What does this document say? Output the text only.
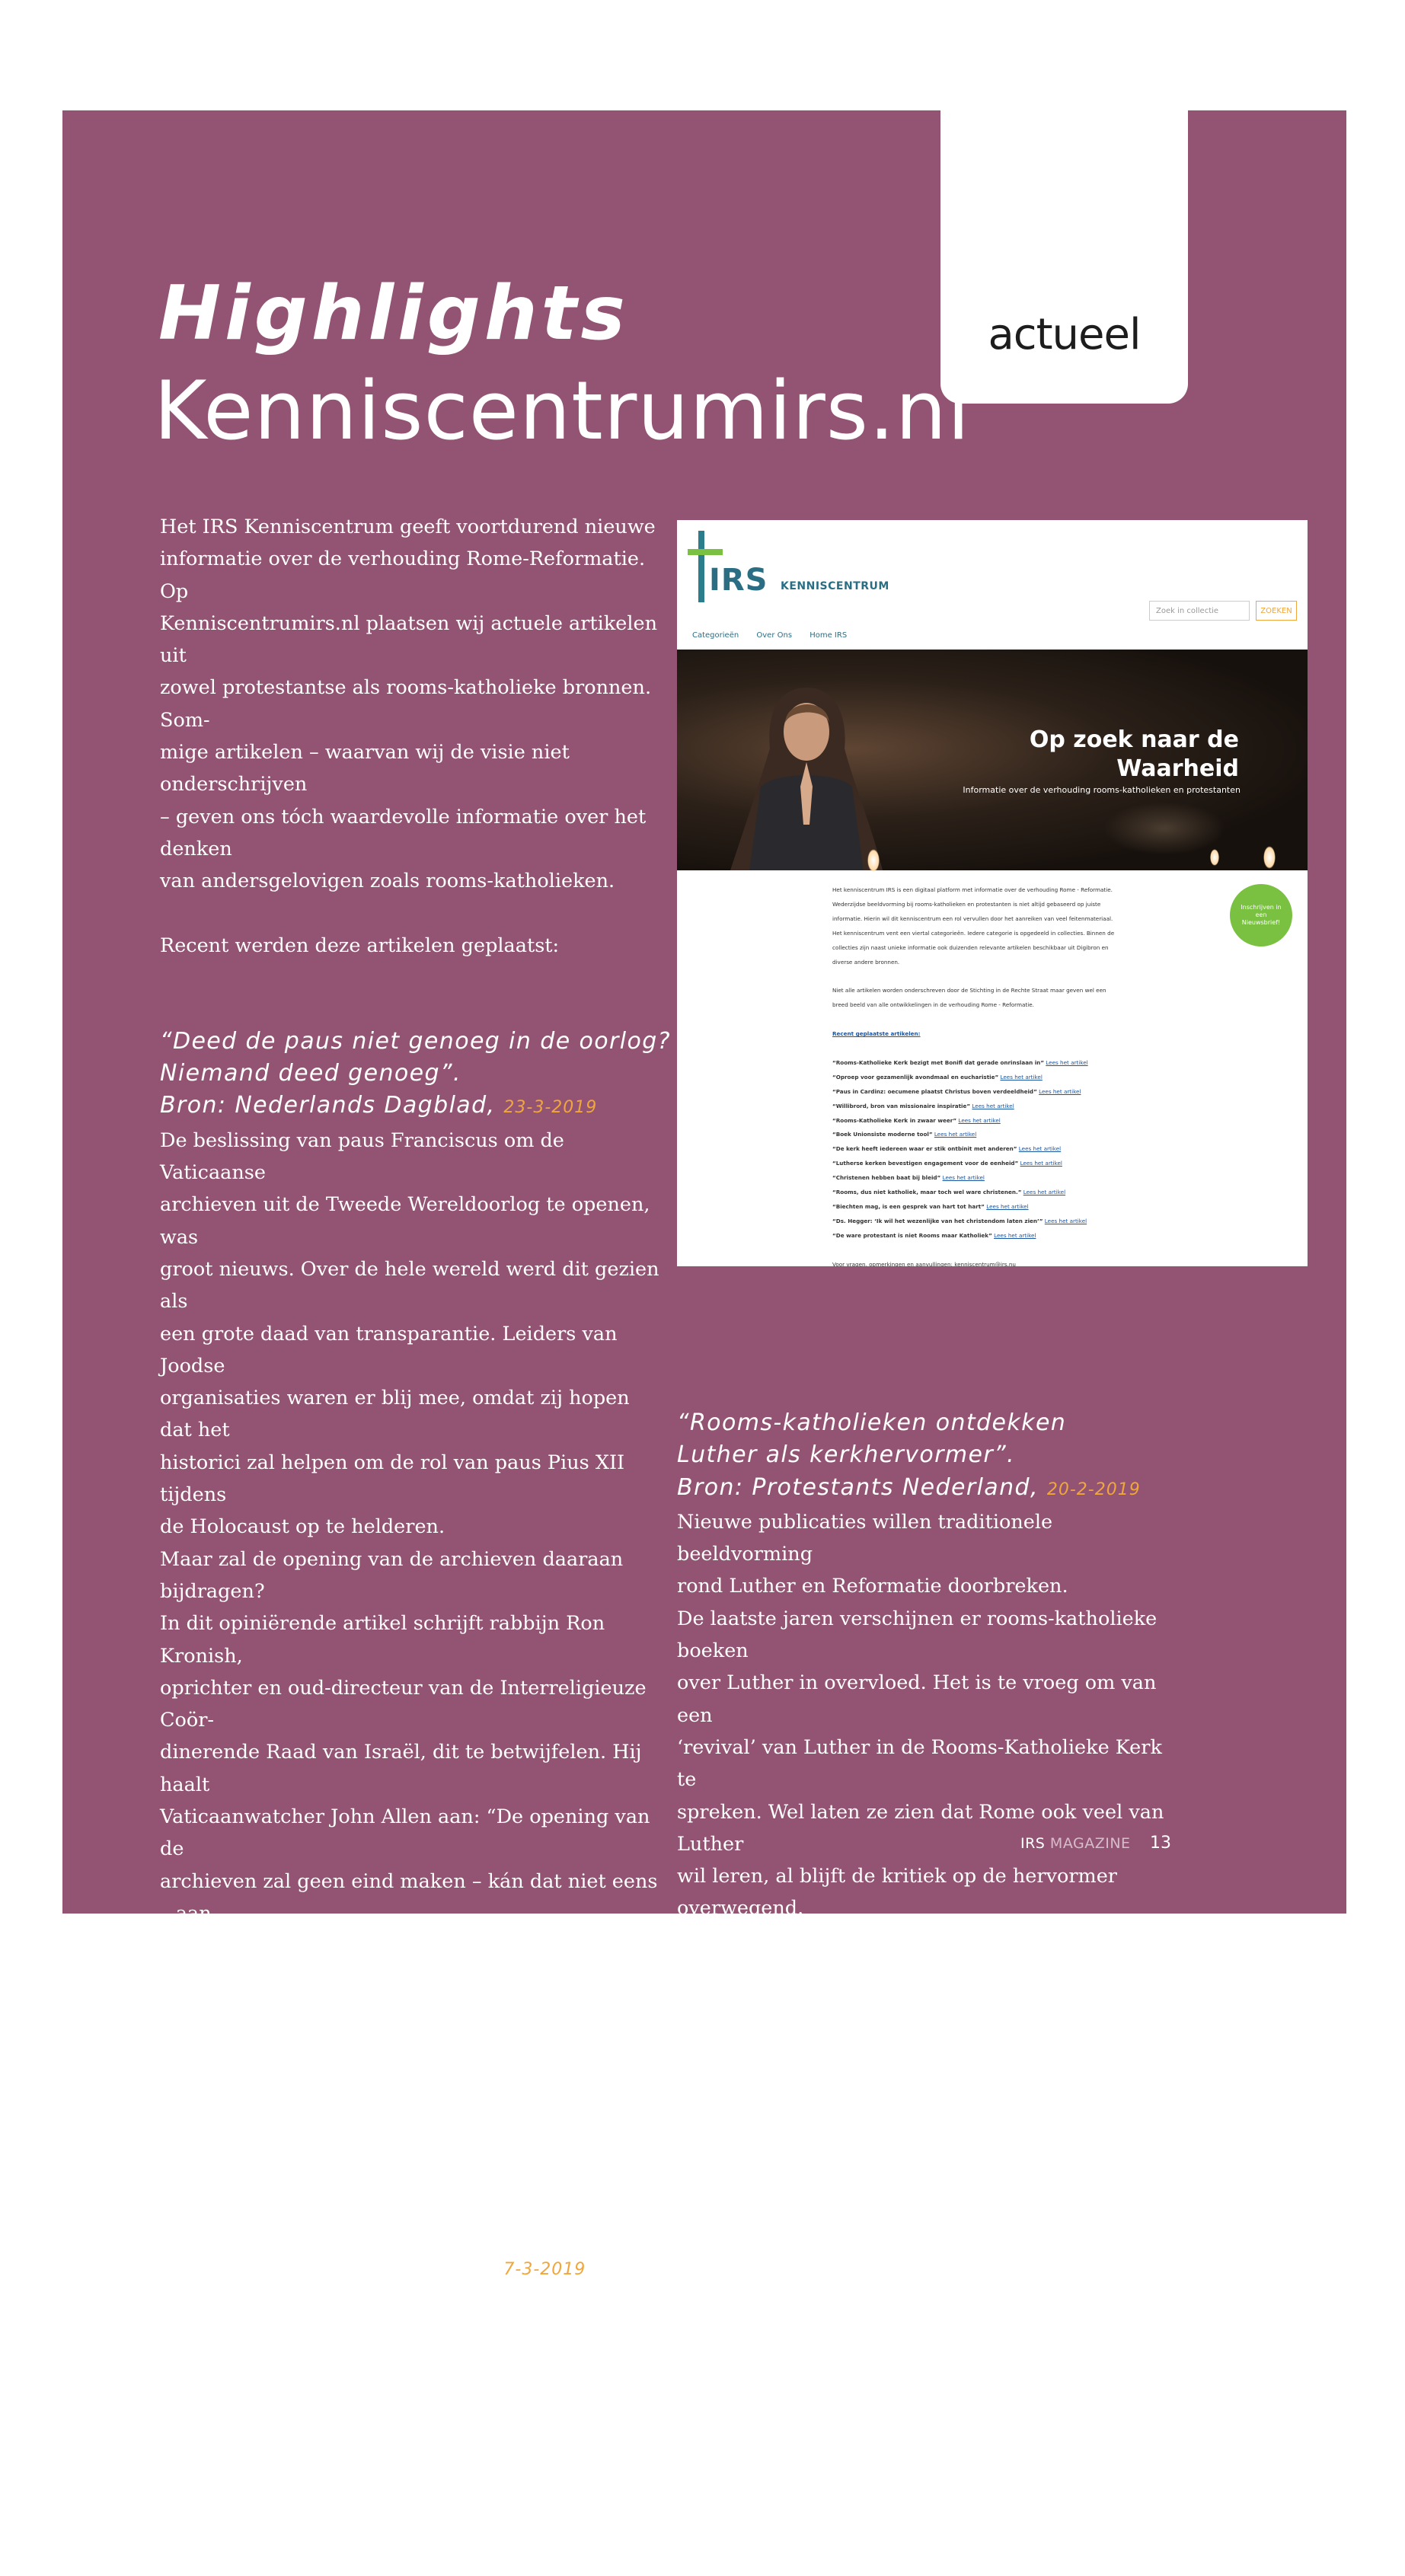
actueel
Highlights
Kenniscentrumirs.nl

Het IRS Kenniscentrum geeft voortdurend nieuwe

informatie over de verhouding Rome-Reformatie. Op

Kenniscentrumirs.nl plaatsen wij actuele artikelen uit

zowel protestantse als rooms-katholieke bronnen. Som-

mige artikelen – waarvan wij de visie niet onderschrijven

– geven ons tóch waardevolle informatie over het denken

van andersgelovigen zoals rooms-katholieken.

Recent werden deze artikelen geplaatst:

“Deed de paus niet genoeg in de oorlog?
Niemand deed genoeg”.
Bron: Nederlands Dagblad, 23-3-2019

De beslissing van paus Franciscus om de Vaticaanse

archieven uit de Tweede Wereldoorlog te openen, was

groot nieuws. Over de hele wereld werd dit gezien als

een grote daad van transparantie. Leiders van Joodse

organisaties waren er blij mee, omdat zij hopen dat het

historici zal helpen om de rol van paus Pius XII tijdens

de Holocaust op te helderen.

Maar zal de opening van de archieven daaraan bijdragen?

In dit opiniërende artikel schrijft rabbijn Ron Kronish,

oprichter en oud-directeur van de Interreligieuze Coör-

dinerende Raad van Israël, dit te betwijfelen. Hij haalt

Vaticaanwatcher John Allen aan: “De opening van de

archieven zal geen eind maken – kán dat niet eens – aan

de controverse over Pius XII en zijn vermeende zwijgen

tijdens de Holocaust. Want dit is een discussie die niet

over feiten gaat, over wat Pius wel of niet heeft gedaan;

het gaat over wat hij had moeten doen.”

“Wereldwijd meer katholieken, maar voor
het eerst sinds 2010 weer minder priesters”.
Bron: Nederlands Dagblad, 7-3-2019

Volgens in het Vaticaan gepubliceerde cijfers over het jaar

2017 is het aantal gedoopte katholieken wereldwijd met

1,1 procent gestegen tot 1,3 miljard. Het aantal priesters

en seminaristen daarentegen daalde voor het eerst sinds

tien jaar.

IRS KENNISCENTRUM
Zoek in collectie	ZOEKEN
Categorieën Over Ons Home IRS
Op zoek naar de
Waarheid
Informatie over de verhouding rooms-katholieken en protestanten

Het kenniscentrum IRS is een digitaal platform met informatie over de verhouding Rome - Reformatie.

Wederzijdse beeldvorming bij rooms-katholieken en protestanten is niet altijd gebaseerd op juiste

informatie. Hierin wil dit kenniscentrum een rol vervullen door het aanreiken van veel feitenmateriaal.

Het kenniscentrum vent een viertal categorieën. Iedere categorie is opgedeeld in collecties. Binnen de

collecties zijn naast unieke informatie ook duizenden relevante artikelen beschikbaar uit Digibron en

diverse andere bronnen.

Niet alle artikelen worden onderschreven door de Stichting in de Rechte Straat maar geven wel een

breed beeld van alle ontwikkelingen in de verhouding Rome - Reformatie.

Recent geplaatste artikelen:

“Rooms-Katholieke Kerk bezigt met Bonifi dat gerade onrinslaan in” Lees het artikel

“Oproep voor gezamenlijk avondmaal en eucharistie” Lees het artikel

“Paus in Cardinz: oecumene plaatst Christus boven verdeeldheid” Lees het artikel

“Willibrord, bron van missionaire inspiratie” Lees het artikel

“Rooms-Katholieke Kerk in zwaar weer” Lees het artikel

“Boek Unionsiste moderne tool” Lees het artikel

“De kerk heeft iedereen waar er stik ontbinit met anderen” Lees het artikel

“Lutherse kerken bevestigen engagement voor de eenheid” Lees het artikel

“Christenen hebben baat bij bleid” Lees het artikel

“Rooms, dus niet katholiek, maar toch wel ware christenen.” Lees het artikel

“Biechten mag, is een gesprek van hart tot hart” Lees het artikel

“Ds. Hegger: ‘Ik wil het wezenlijke van het christendom laten zien’” Lees het artikel

“De ware protestant is niet Rooms maar Katholiek” Lees het artikel

Voor vragen, opmerkingen en aanvullingen: kenniscentrum@irs.nu

Inschrijven in een Nieuwsbrief!
“Rooms-katholieken ontdekken
Luther als kerkhervormer”.
Bron: Protestants Nederland, 20-2-2019

Nieuwe publicaties willen traditionele beeldvorming

rond Luther en Reformatie doorbreken.

De laatste jaren verschijnen er rooms-katholieke boeken

over Luther in overvloed. Het is te vroeg om van een

‘revival’ van Luther in de Rooms-Katholieke Kerk te

spreken. Wel laten ze zien dat Rome ook veel van Luther

wil leren, al blijft de kritiek op de hervormer overwegend.

In dit artikel komen visies van verschillende auteurs aan

de orde.

IRS MAGAZINE 13
